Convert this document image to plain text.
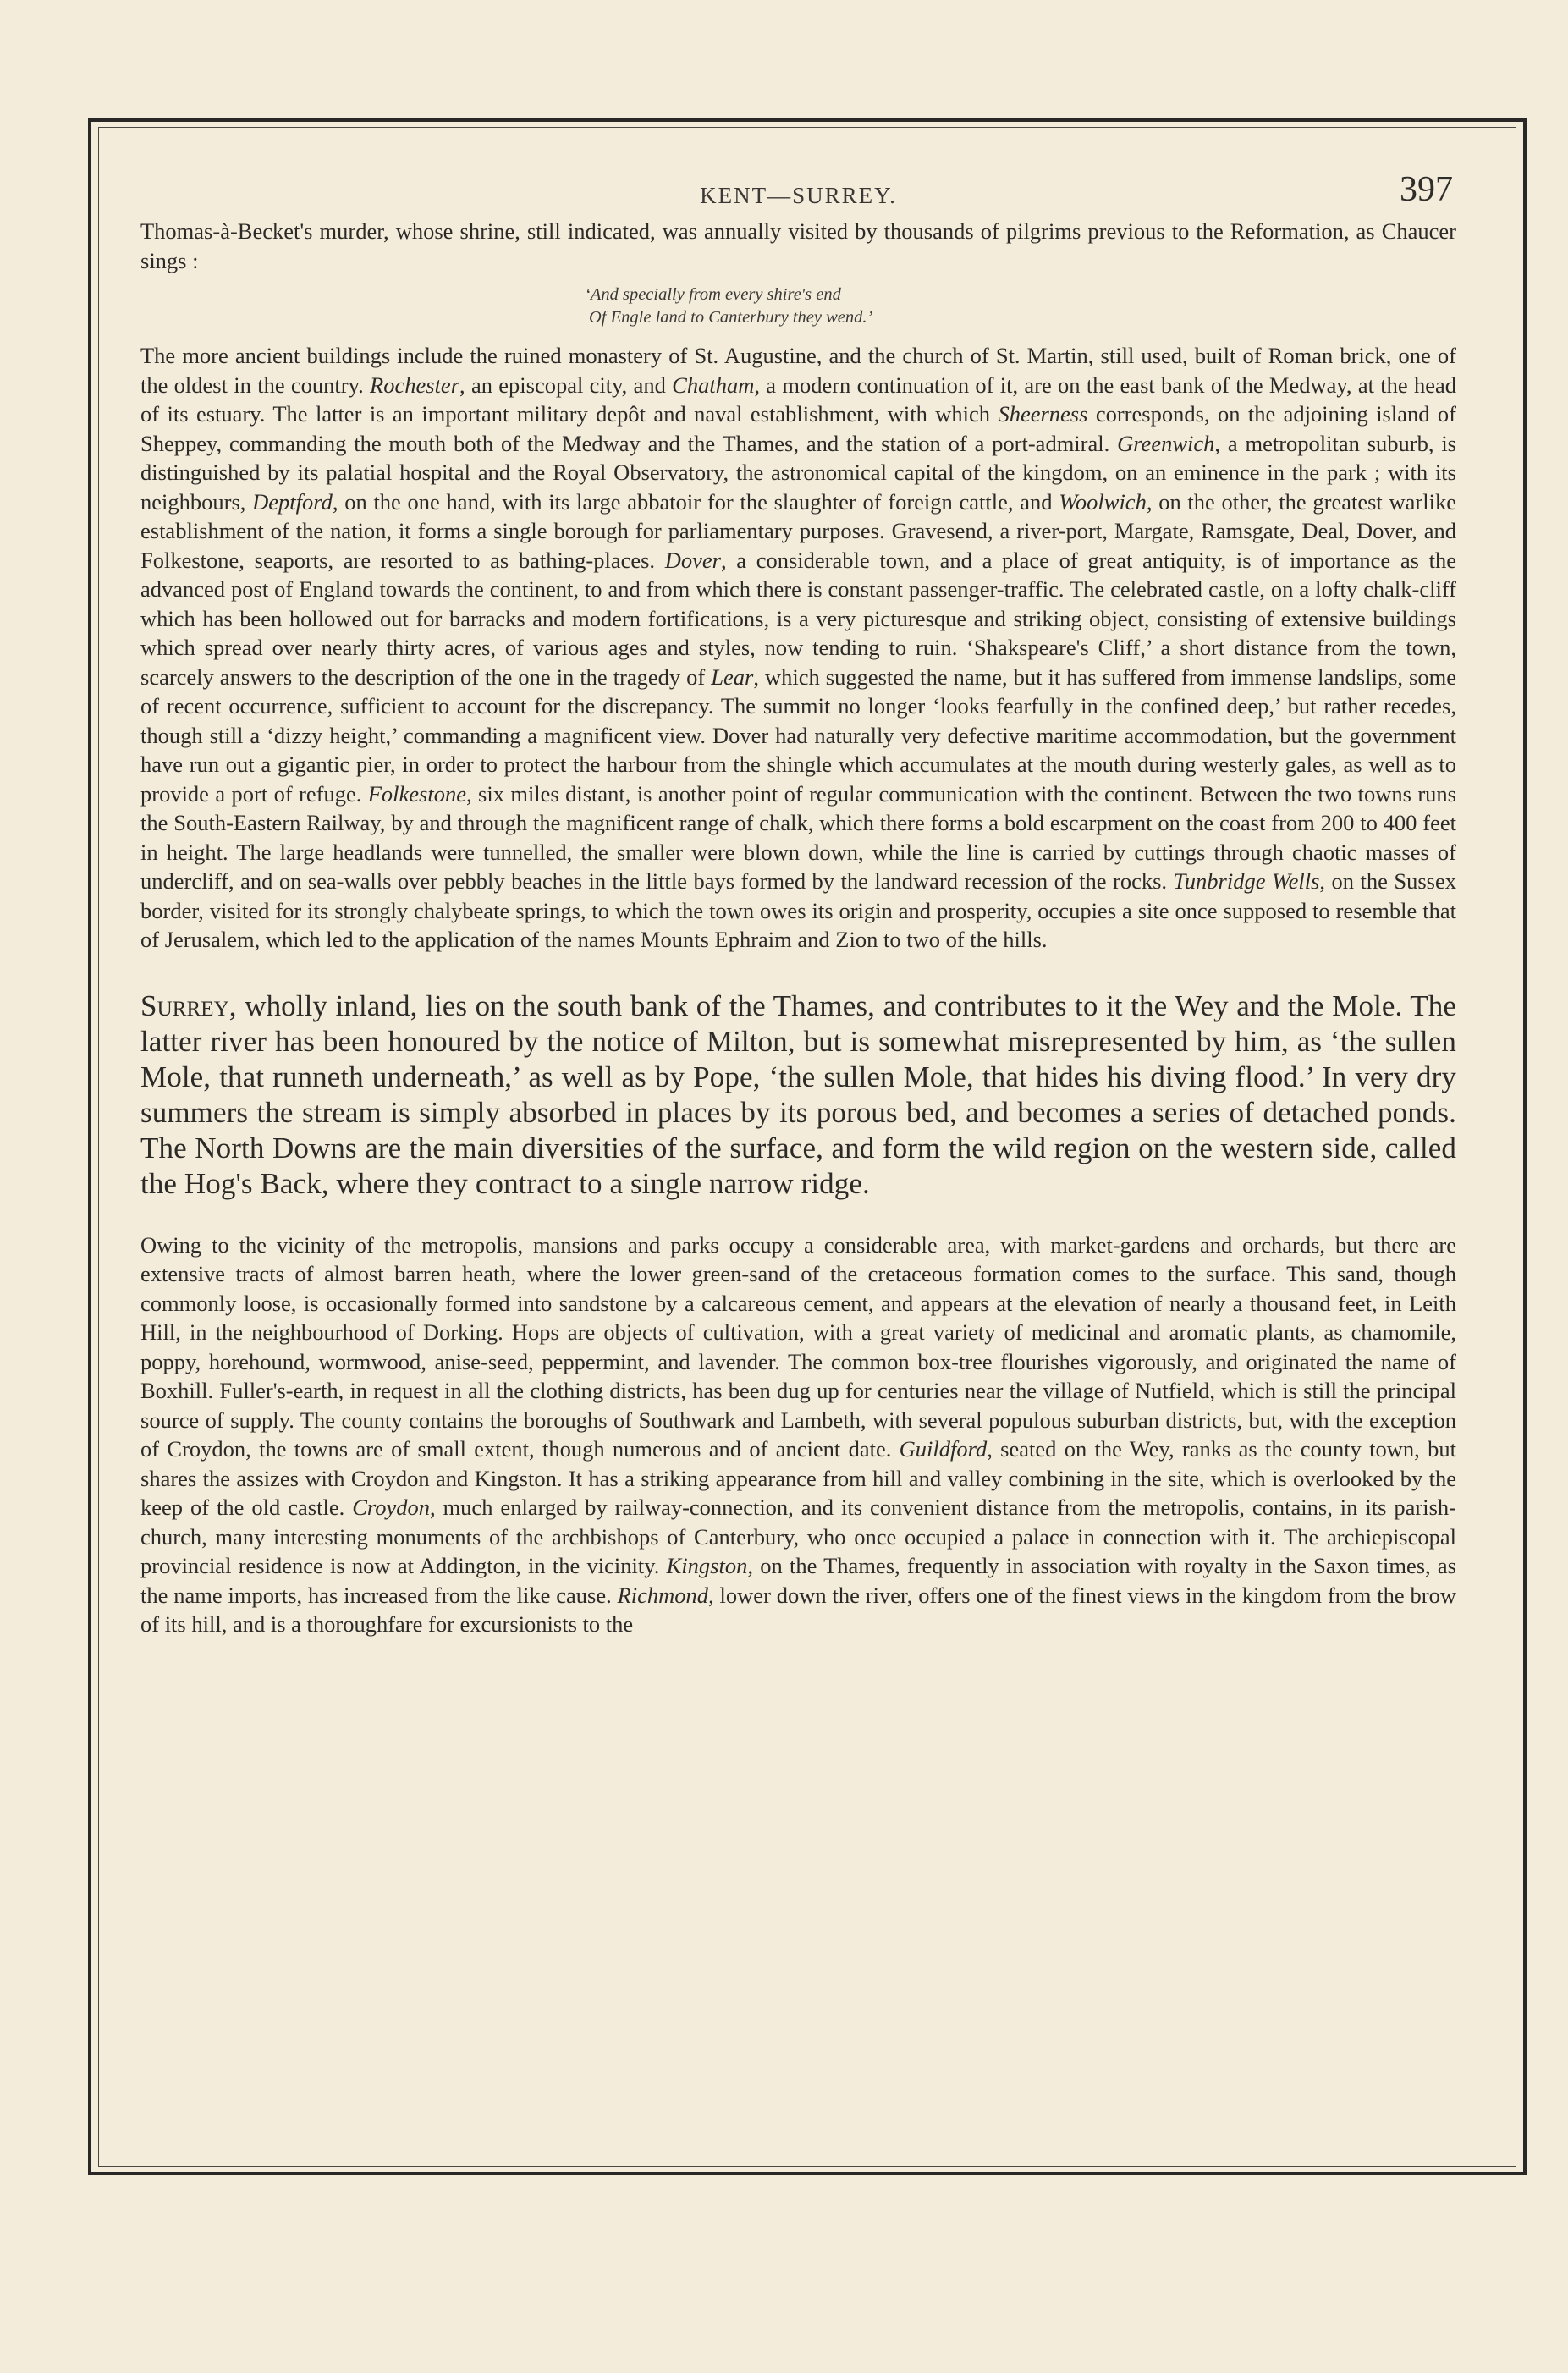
KENT—SURREY.	397

Thomas-à-Becket's murder, whose shrine, still indicated, was annually visited by thousands of pilgrims previous to the Reformation, as Chaucer sings :

‘And specially from every shire's end
Of Engle land to Canterbury they wend.’

The more ancient buildings include the ruined monastery of St. Augustine, and the church of St. Martin, still used, built of Roman brick, one of the oldest in the country. Rochester, an episcopal city, and Chatham, a modern continuation of it, are on the east bank of the Medway, at the head of its estuary. The latter is an important military depôt and naval establishment, with which Sheerness corresponds, on the adjoining island of Sheppey, commanding the mouth both of the Medway and the Thames, and the station of a port-admiral. Greenwich, a metropolitan suburb, is distinguished by its palatial hospital and the Royal Observatory, the astronomical capital of the kingdom, on an eminence in the park ; with its neighbours, Deptford, on the one hand, with its large abbatoir for the slaughter of foreign cattle, and Woolwich, on the other, the greatest warlike establishment of the nation, it forms a single borough for parliamentary purposes. Gravesend, a river-port, Margate, Ramsgate, Deal, Dover, and Folkestone, seaports, are resorted to as bathing-places. Dover, a considerable town, and a place of great antiquity, is of importance as the advanced post of England towards the continent, to and from which there is constant passenger-traffic. The celebrated castle, on a lofty chalk-cliff which has been hollowed out for barracks and modern fortifications, is a very picturesque and striking object, consisting of extensive buildings which spread over nearly thirty acres, of various ages and styles, now tending to ruin. ‘Shakspeare's Cliff,’ a short distance from the town, scarcely answers to the description of the one in the tragedy of Lear, which suggested the name, but it has suffered from immense landslips, some of recent occurrence, sufficient to account for the discrepancy. The summit no longer ‘looks fearfully in the confined deep,’ but rather recedes, though still a ‘dizzy height,’ commanding a magnificent view. Dover had naturally very defective maritime accommodation, but the government have run out a gigantic pier, in order to protect the harbour from the shingle which accumulates at the mouth during westerly gales, as well as to provide a port of refuge. Folkestone, six miles distant, is another point of regular communication with the continent. Between the two towns runs the South-Eastern Railway, by and through the magnificent range of chalk, which there forms a bold escarpment on the coast from 200 to 400 feet in height. The large headlands were tunnelled, the smaller were blown down, while the line is carried by cuttings through chaotic masses of undercliff, and on sea-walls over pebbly beaches in the little bays formed by the landward recession of the rocks. Tunbridge Wells, on the Sussex border, visited for its strongly chalybeate springs, to which the town owes its origin and prosperity, occupies a site once supposed to resemble that of Jerusalem, which led to the application of the names Mounts Ephraim and Zion to two of the hills.

Surrey, wholly inland, lies on the south bank of the Thames, and contributes to it the Wey and the Mole. The latter river has been honoured by the notice of Milton, but is somewhat misrepresented by him, as ‘the sullen Mole, that runneth underneath,’ as well as by Pope, ‘the sullen Mole, that hides his diving flood.’ In very dry summers the stream is simply absorbed in places by its porous bed, and becomes a series of detached ponds. The North Downs are the main diversities of the surface, and form the wild region on the western side, called the Hog's Back, where they contract to a single narrow ridge.

Owing to the vicinity of the metropolis, mansions and parks occupy a considerable area, with market-gardens and orchards, but there are extensive tracts of almost barren heath, where the lower green-sand of the cretaceous formation comes to the surface. This sand, though commonly loose, is occasionally formed into sandstone by a calcareous cement, and appears at the elevation of nearly a thousand feet, in Leith Hill, in the neighbourhood of Dorking. Hops are objects of cultivation, with a great variety of medicinal and aromatic plants, as chamomile, poppy, horehound, wormwood, anise-seed, peppermint, and lavender. The common box-tree flourishes vigorously, and originated the name of Boxhill. Fuller's-earth, in request in all the clothing districts, has been dug up for centuries near the village of Nutfield, which is still the principal source of supply. The county contains the boroughs of Southwark and Lambeth, with several populous suburban districts, but, with the exception of Croydon, the towns are of small extent, though numerous and of ancient date. Guildford, seated on the Wey, ranks as the county town, but shares the assizes with Croydon and Kingston. It has a striking appearance from hill and valley combining in the site, which is overlooked by the keep of the old castle. Croydon, much enlarged by railway-connection, and its convenient distance from the metropolis, contains, in its parish-church, many interesting monuments of the archbishops of Canterbury, who once occupied a palace in connection with it. The archiepiscopal provincial residence is now at Addington, in the vicinity. Kingston, on the Thames, frequently in association with royalty in the Saxon times, as the name imports, has increased from the like cause. Richmond, lower down the river, offers one of the finest views in the kingdom from the brow of its hill, and is a thoroughfare for excursionists to the
